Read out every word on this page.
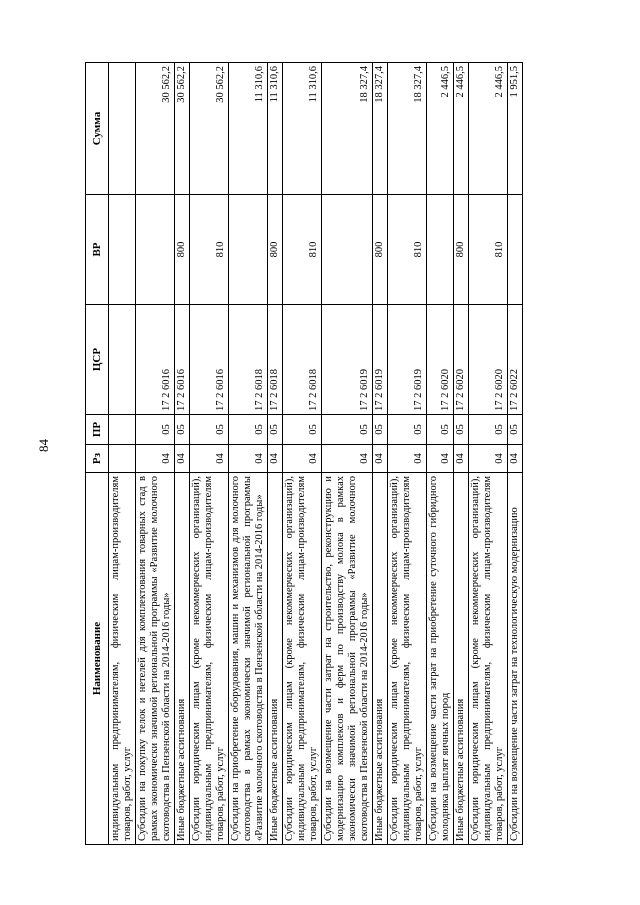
84
Наименование	Рз	ПР	ЦСР	ВР	Сумма
индивидуальным предпринимателям, физическим лицам-производителям товаров, работ, услуг					
Субсидии на покупку телок и нетелей для комплектования товарных стад в рамках экономически значимой региональной программы «Развитие молочного скотоводства в Пензенской области на 2014-2016 годы»	04	05	17 2 6016		30 562,2
Иные бюджетные ассигнования	04	05	17 2 6016	800	30 562,2
Субсидии юридическим лицам (кроме некоммерческих организаций), индивидуальным предпринимателям, физическим лицам-производителям товаров, работ, услуг	04	05	17 2 6016	810	30 562,2
Субсидии на приобретение оборудования, машин и механизмов для молочного скотоводства в рамках экономически значимой региональной программы «Развитие молочного скотоводства в Пензенской области на 2014-2016 годы»	04	05	17 2 6018		11 310,6
Иные бюджетные ассигнования	04	05	17 2 6018	800	11 310,6
Субсидии юридическим лицам (кроме некоммерческих организаций), индивидуальным предпринимателям, физическим лицам-производителям товаров, работ, услуг	04	05	17 2 6018	810	11 310,6
Субсидии на возмещение части затрат на строительство, реконструкцию и модернизацию комплексов и ферм по производству молока в рамках экономически значимой региональной программы «Развитие молочного скотоводства в Пензенской области на 2014-2016 годы»	04	05	17 2 6019		18 327,4
Иные бюджетные ассигнования	04	05	17 2 6019	800	18 327,4
Субсидии юридическим лицам (кроме некоммерческих организаций), индивидуальным предпринимателям, физическим лицам-производителям товаров, работ, услуг	04	05	17 2 6019	810	18 327,4
Субсидии на возмещение части затрат на приобретение суточного гибридного молодняка цыплят яичных пород	04	05	17 2 6020		2 446,5
Иные бюджетные ассигнования	04	05	17 2 6020	800	2 446,5
Субсидии юридическим лицам (кроме некоммерческих организаций), индивидуальным предпринимателям, физическим лицам-производителям товаров, работ, услуг	04	05	17 2 6020	810	2 446,5
Субсидии на возмещение части затрат на технологическую модернизацию	04	05	17 2 6022		1 951,5
